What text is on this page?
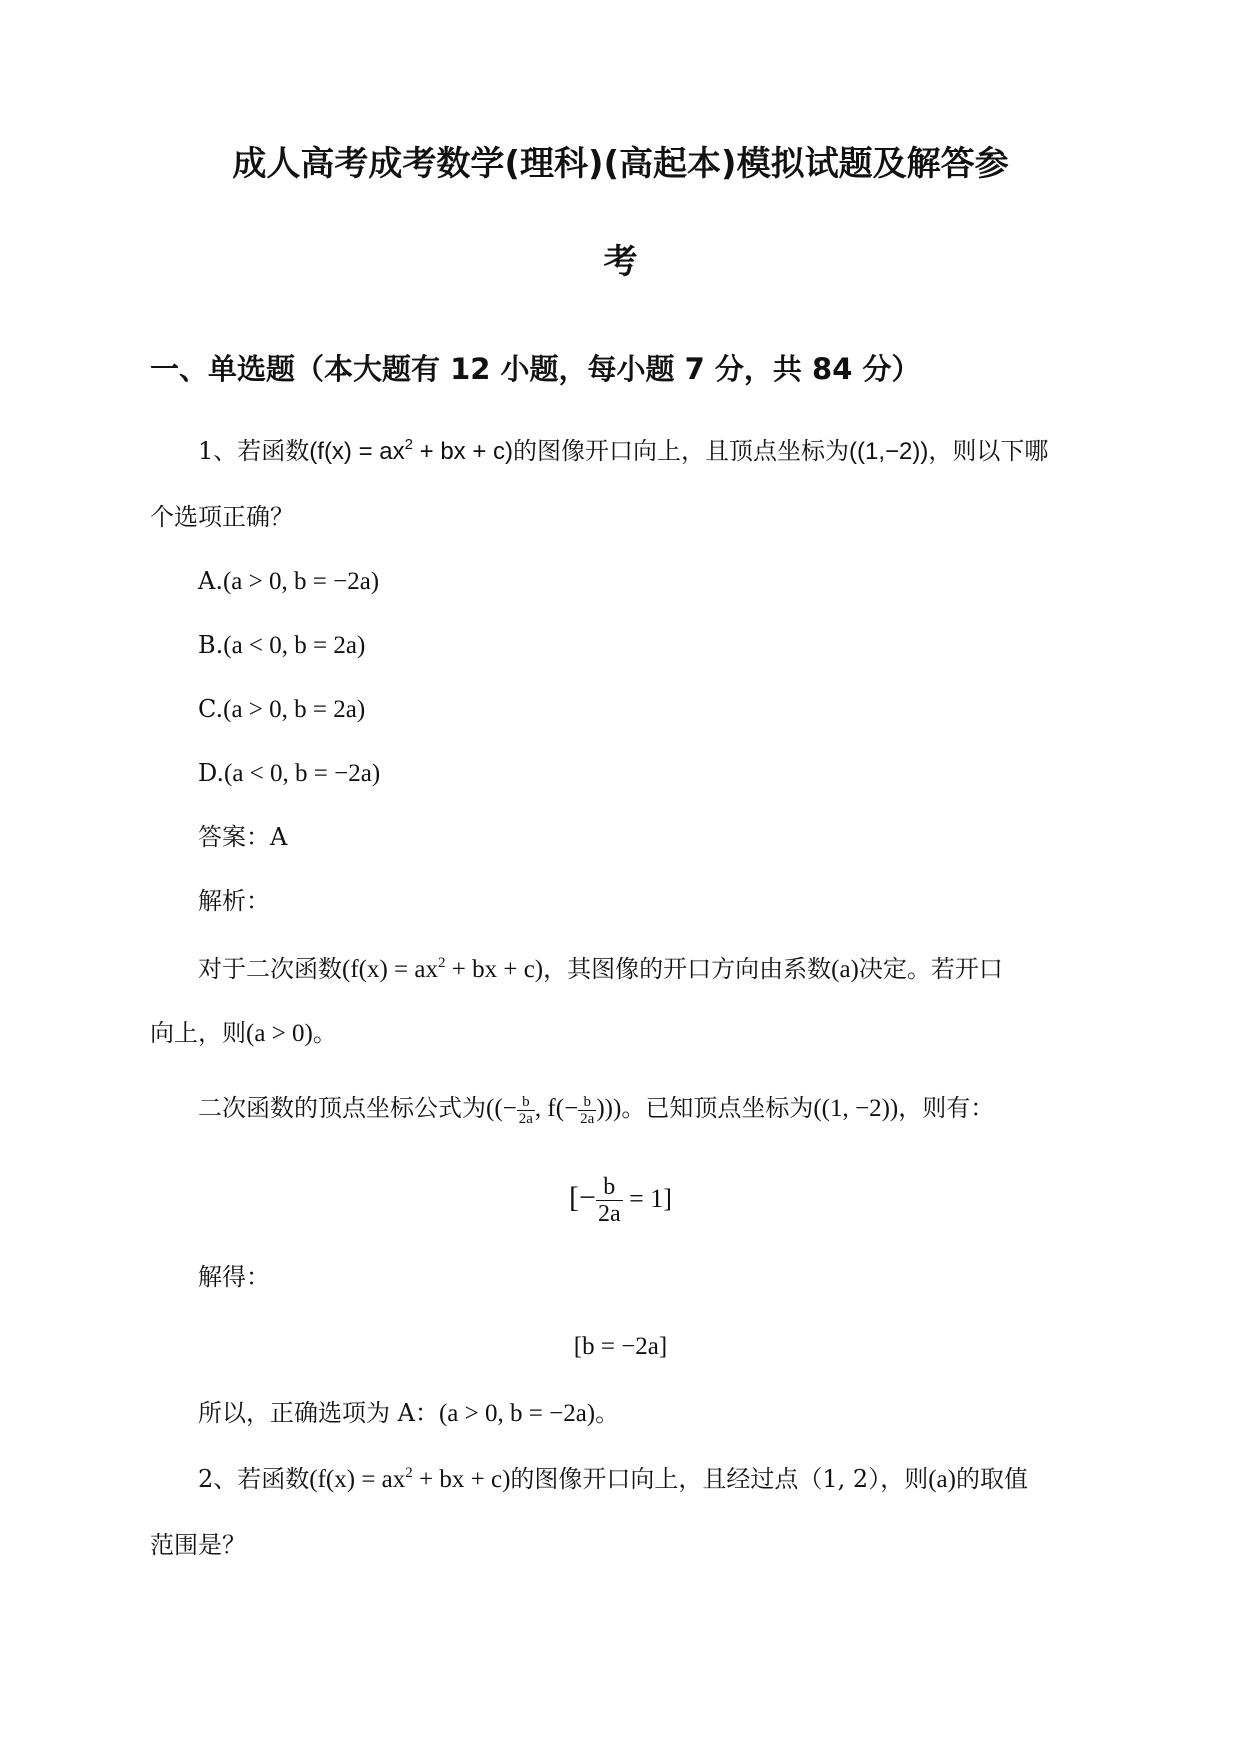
成人高考成考数学(理科)(高起本)模拟试题及解答参
考
一、单选题（本大题有 12 小题，每小题 7 分，共 84 分）
1、若函数($f(x) = ax^2$ + bx + c)的图像开口向上，且顶点坐标为((1,−2))，则以下哪
个选项正确？
A.(a > 0, b = −2a)
B.(a < 0, b = 2a)
C.(a > 0, b = 2a)
D.(a < 0, b = −2a)
答案：A
解析：
对于二次函数($f(x) = ax^2$ + bx + c)，其图像的开口方向由系数(a)决定。若开口
向上，则(a > 0)。
二次函数的顶点坐标公式为((− $\frac{b}{2a}$ , $f(- \frac{b}{2a}$ )))。已知顶点坐标为((1, −2))，则有：
[− $\frac{b}{2a} = 1$]
解得：
[b = −2a]
所以，正确选项为 A：(a > 0, b = −2a)。
2、若函数($f(x) = ax^2$ + bx + c)的图像开口向上，且经过点（1, 2），则(a)的取值
范围是？
